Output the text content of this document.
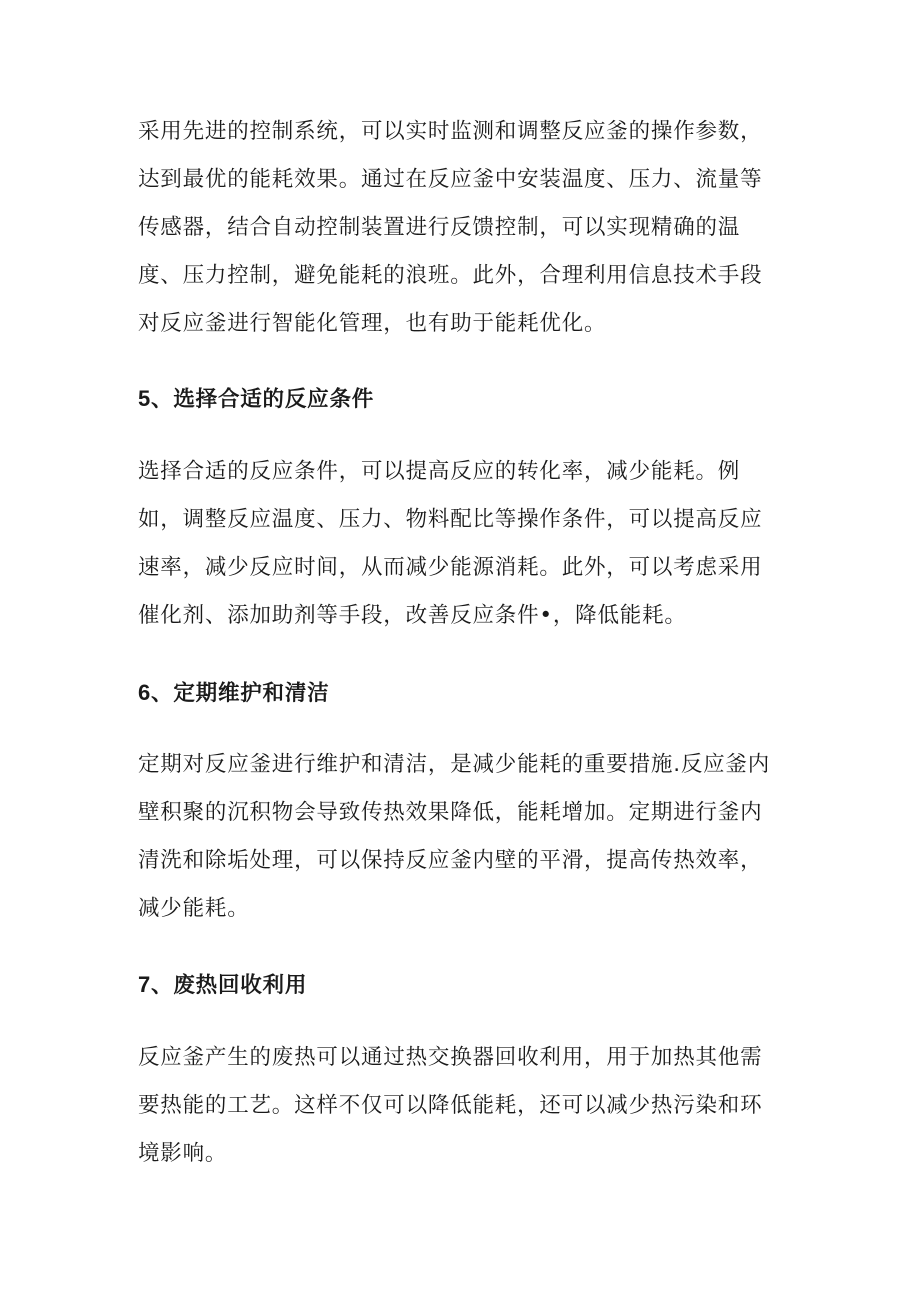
采用先进的控制系统，可以实时监测和调整反应釜的操作参数，达到最优的能耗效果。通过在反应釜中安装温度、压力、流量等传感器，结合自动控制装置进行反馈控制，可以实现精确的温度、压力控制，避免能耗的浪班。此外，合理利用信息技术手段对反应釜进行智能化管理，也有助于能耗优化。

5、选择合适的反应条件

选择合适的反应条件，可以提高反应的转化率，减少能耗。例如，调整反应温度、压力、物料配比等操作条件，可以提高反应速率，减少反应时间，从而减少能源消耗。此外，可以考虑采用催化剂、添加助剂等手段，改善反应条件•，降低能耗。

6、定期维护和清洁

定期对反应釜进行维护和清洁，是减少能耗的重要措施.反应釜内壁积聚的沉积物会导致传热效果降低，能耗增加。定期进行釜内清洗和除垢处理，可以保持反应釜内壁的平滑，提高传热效率，减少能耗。

7、废热回收利用

反应釜产生的废热可以通过热交换器回收利用，用于加热其他需要热能的工艺。这样不仅可以降低能耗，还可以减少热污染和环境影响。
